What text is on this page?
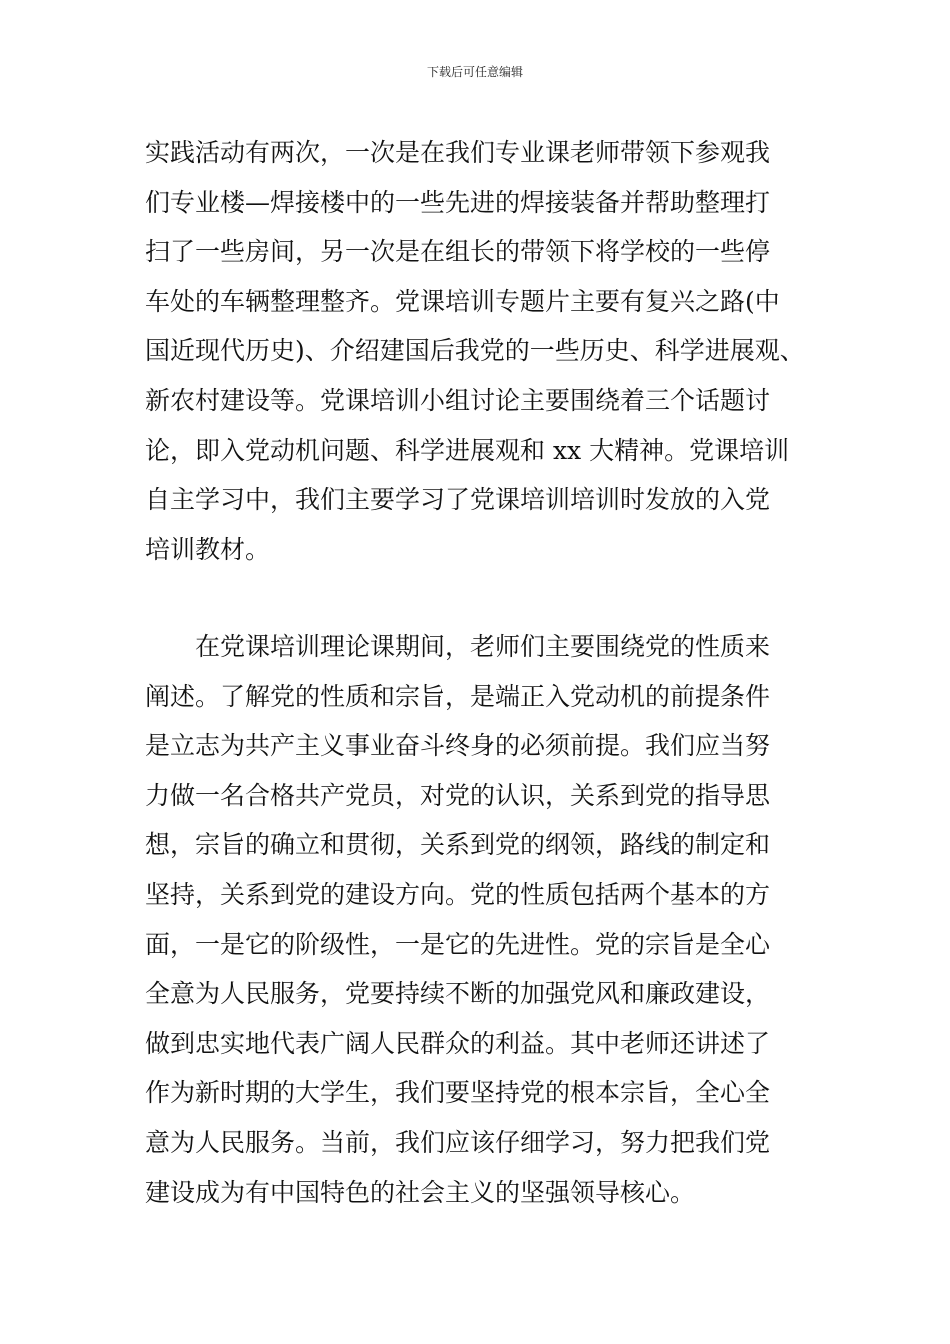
下载后可任意编辑
实践活动有两次，一次是在我们专业课老师带领下参观我
们专业楼—焊接楼中的一些先进的焊接装备并帮助整理打
扫了一些房间，另一次是在组长的带领下将学校的一些停
车处的车辆整理整齐。党课培训专题片主要有复兴之路(中
国近现代历史)、介绍建国后我党的一些历史、科学进展观、
新农村建设等。党课培训小组讨论主要围绕着三个话题讨
论，即入党动机问题、科学进展观和 xx 大精神。党课培训
自主学习中，我们主要学习了党课培训培训时发放的入党
培训教材。
　　在党课培训理论课期间，老师们主要围绕党的性质来
阐述。了解党的性质和宗旨，是端正入党动机的前提条件
是立志为共产主义事业奋斗终身的必须前提。我们应当努
力做一名合格共产党员，对党的认识，关系到党的指导思
想，宗旨的确立和贯彻，关系到党的纲领，路线的制定和
坚持，关系到党的建设方向。党的性质包括两个基本的方
面，一是它的阶级性，一是它的先进性。党的宗旨是全心
全意为人民服务，党要持续不断的加强党风和廉政建设，
做到忠实地代表广阔人民群众的利益。其中老师还讲述了
作为新时期的大学生，我们要坚持党的根本宗旨，全心全
意为人民服务。当前，我们应该仔细学习，努力把我们党
建设成为有中国特色的社会主义的坚强领导核心。
